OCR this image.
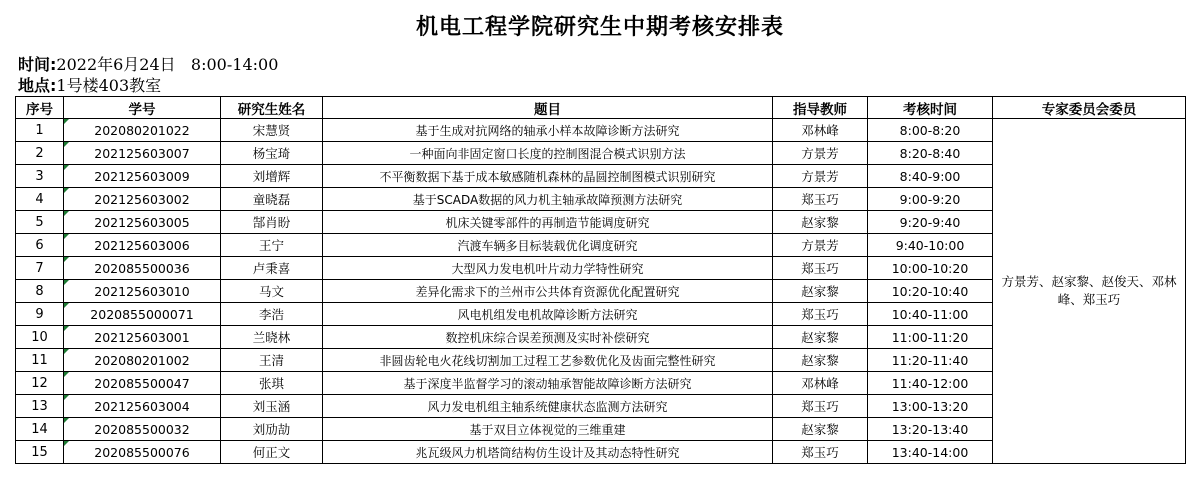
机电工程学院研究生中期考核安排表
时间:2022年6月24日   8:00-14:00
地点:1号楼403教室
序号	学号	研究生姓名	题目	指导教师	考核时间	专家委员会委员
1	202080201022	宋慧贤	基于生成对抗网络的轴承小样本故障诊断方法研究	邓林峰	8:00-8:20	方景芳、赵家黎、赵俊天、邓林峰、郑玉巧
2	202125603007	杨宝琦	一种面向非固定窗口长度的控制图混合模式识别方法	方景芳	8:20-8:40	
3	202125603009	刘增辉	不平衡数据下基于成本敏感随机森林的晶圆控制图模式识别研究	方景芳	8:40-9:00	
4	202125603002	童晓磊	基于SCADA数据的风力机主轴承故障预测方法研究	郑玉巧	9:00-9:20	
5	202125603005	郜肖盼	机床关键零部件的再制造节能调度研究	赵家黎	9:20-9:40	
6	202125603006	王宁	汽渡车辆多目标装载优化调度研究	方景芳	9:40-10:00	
7	202085500036	卢秉喜	大型风力发电机叶片动力学特性研究	郑玉巧	10:00-10:20	
8	202125603010	马文	差异化需求下的兰州市公共体育资源优化配置研究	赵家黎	10:20-10:40	
9	2020855000071	李浩	风电机组发电机故障诊断方法研究	郑玉巧	10:40-11:00	
10	202125603001	兰晓林	数控机床综合误差预测及实时补偿研究	赵家黎	11:00-11:20	
11	202080201002	王清	非圆齿轮电火花线切割加工过程工艺参数优化及齿面完整性研究	赵家黎	11:20-11:40	
12	202085500047	张琪	基于深度半监督学习的滚动轴承智能故障诊断方法研究	邓林峰	11:40-12:00	
13	202125603004	刘玉涵	风力发电机组主轴系统健康状态监测方法研究	郑玉巧	13:00-13:20	
14	202085500032	刘劢劼	基于双目立体视觉的三维重建	赵家黎	13:20-13:40	
15	202085500076	何正文	兆瓦级风力机塔筒结构仿生设计及其动态特性研究	郑玉巧	13:40-14:00	
